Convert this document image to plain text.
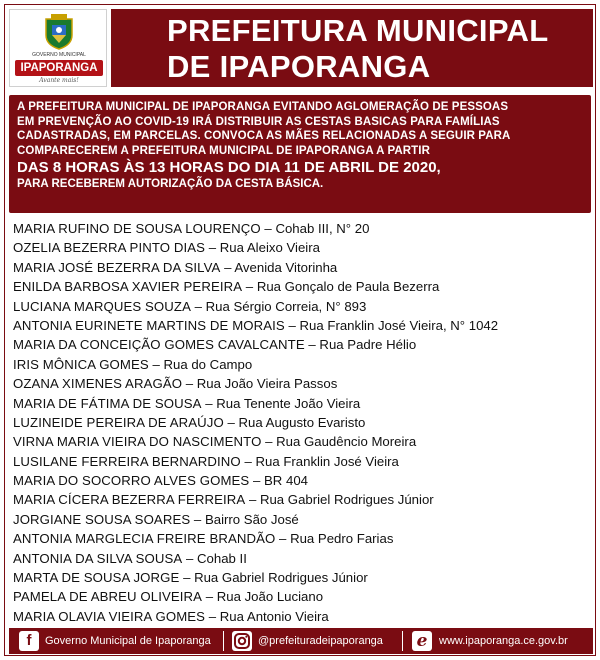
GOVERNO MUNICIPAL
IPAPORANGA
Avante mais!
PREFEITURA MUNICIPAL
DE IPAPORANGA

A PREFEITURA MUNICIPAL DE IPAPORANGA EVITANDO AGLOMERAÇÃO DE PESSOAS

EM PREVENÇÃO AO COVID-19 IRÁ DISTRIBUIR AS CESTAS BASICAS PARA FAMÍLIAS

CADASTRADAS, EM PARCELAS. CONVOCA AS MÃES RELACIONADAS A SEGUIR PARA

COMPARECEREM A PREFEITURA MUNICIPAL DE IPAPORANGA A PARTIR

DAS 8 HORAS ÀS 13 HORAS DO DIA 11 DE ABRIL DE 2020,

PARA RECEBEREM AUTORIZAÇÃO DA CESTA BÁSICA.

MARIA RUFINO DE SOUSA LOURENÇO – Cohab III, N° 20
OZELIA BEZERRA PINTO DIAS – Rua Aleixo Vieira
MARIA JOSÉ BEZERRA DA SILVA – Avenida Vitorinha
ENILDA BARBOSA XAVIER PEREIRA – Rua Gonçalo de Paula Bezerra
LUCIANA MARQUES SOUZA – Rua Sérgio Correia, N° 893
ANTONIA EURINETE MARTINS DE MORAIS – Rua Franklin José Vieira, N° 1042
MARIA DA CONCEIÇÃO GOMES CAVALCANTE – Rua Padre Hélio
IRIS MÔNICA GOMES – Rua do Campo
OZANA XIMENES ARAGÃO – Rua João Vieira Passos
MARIA DE FÁTIMA DE SOUSA – Rua Tenente João Vieira
LUZINEIDE PEREIRA DE ARAÚJO – Rua Augusto Evaristo
VIRNA MARIA VIEIRA DO NASCIMENTO – Rua Gaudêncio Moreira
LUSILANE FERREIRA BERNARDINO – Rua Franklin José Vieira
MARIA DO SOCORRO ALVES GOMES – BR 404
MARIA CÍCERA BEZERRA FERREIRA – Rua Gabriel Rodrigues Júnior
JORGIANE SOUSA SOARES – Bairro São José
ANTONIA MARGLECIA FREIRE BRANDÃO – Rua Pedro Farias
ANTONIA DA SILVA SOUSA – Cohab II
MARTA DE SOUSA JORGE – Rua Gabriel Rodrigues Júnior
PAMELA DE ABREU OLIVEIRA – Rua João Luciano
MARIA OLAVIA VIEIRA GOMES – Rua Antonio Vieira
f	Governo Municipal de Ipaporanga	@prefeituradeipaporanga e	www.ipaporanga.ce.gov.br
